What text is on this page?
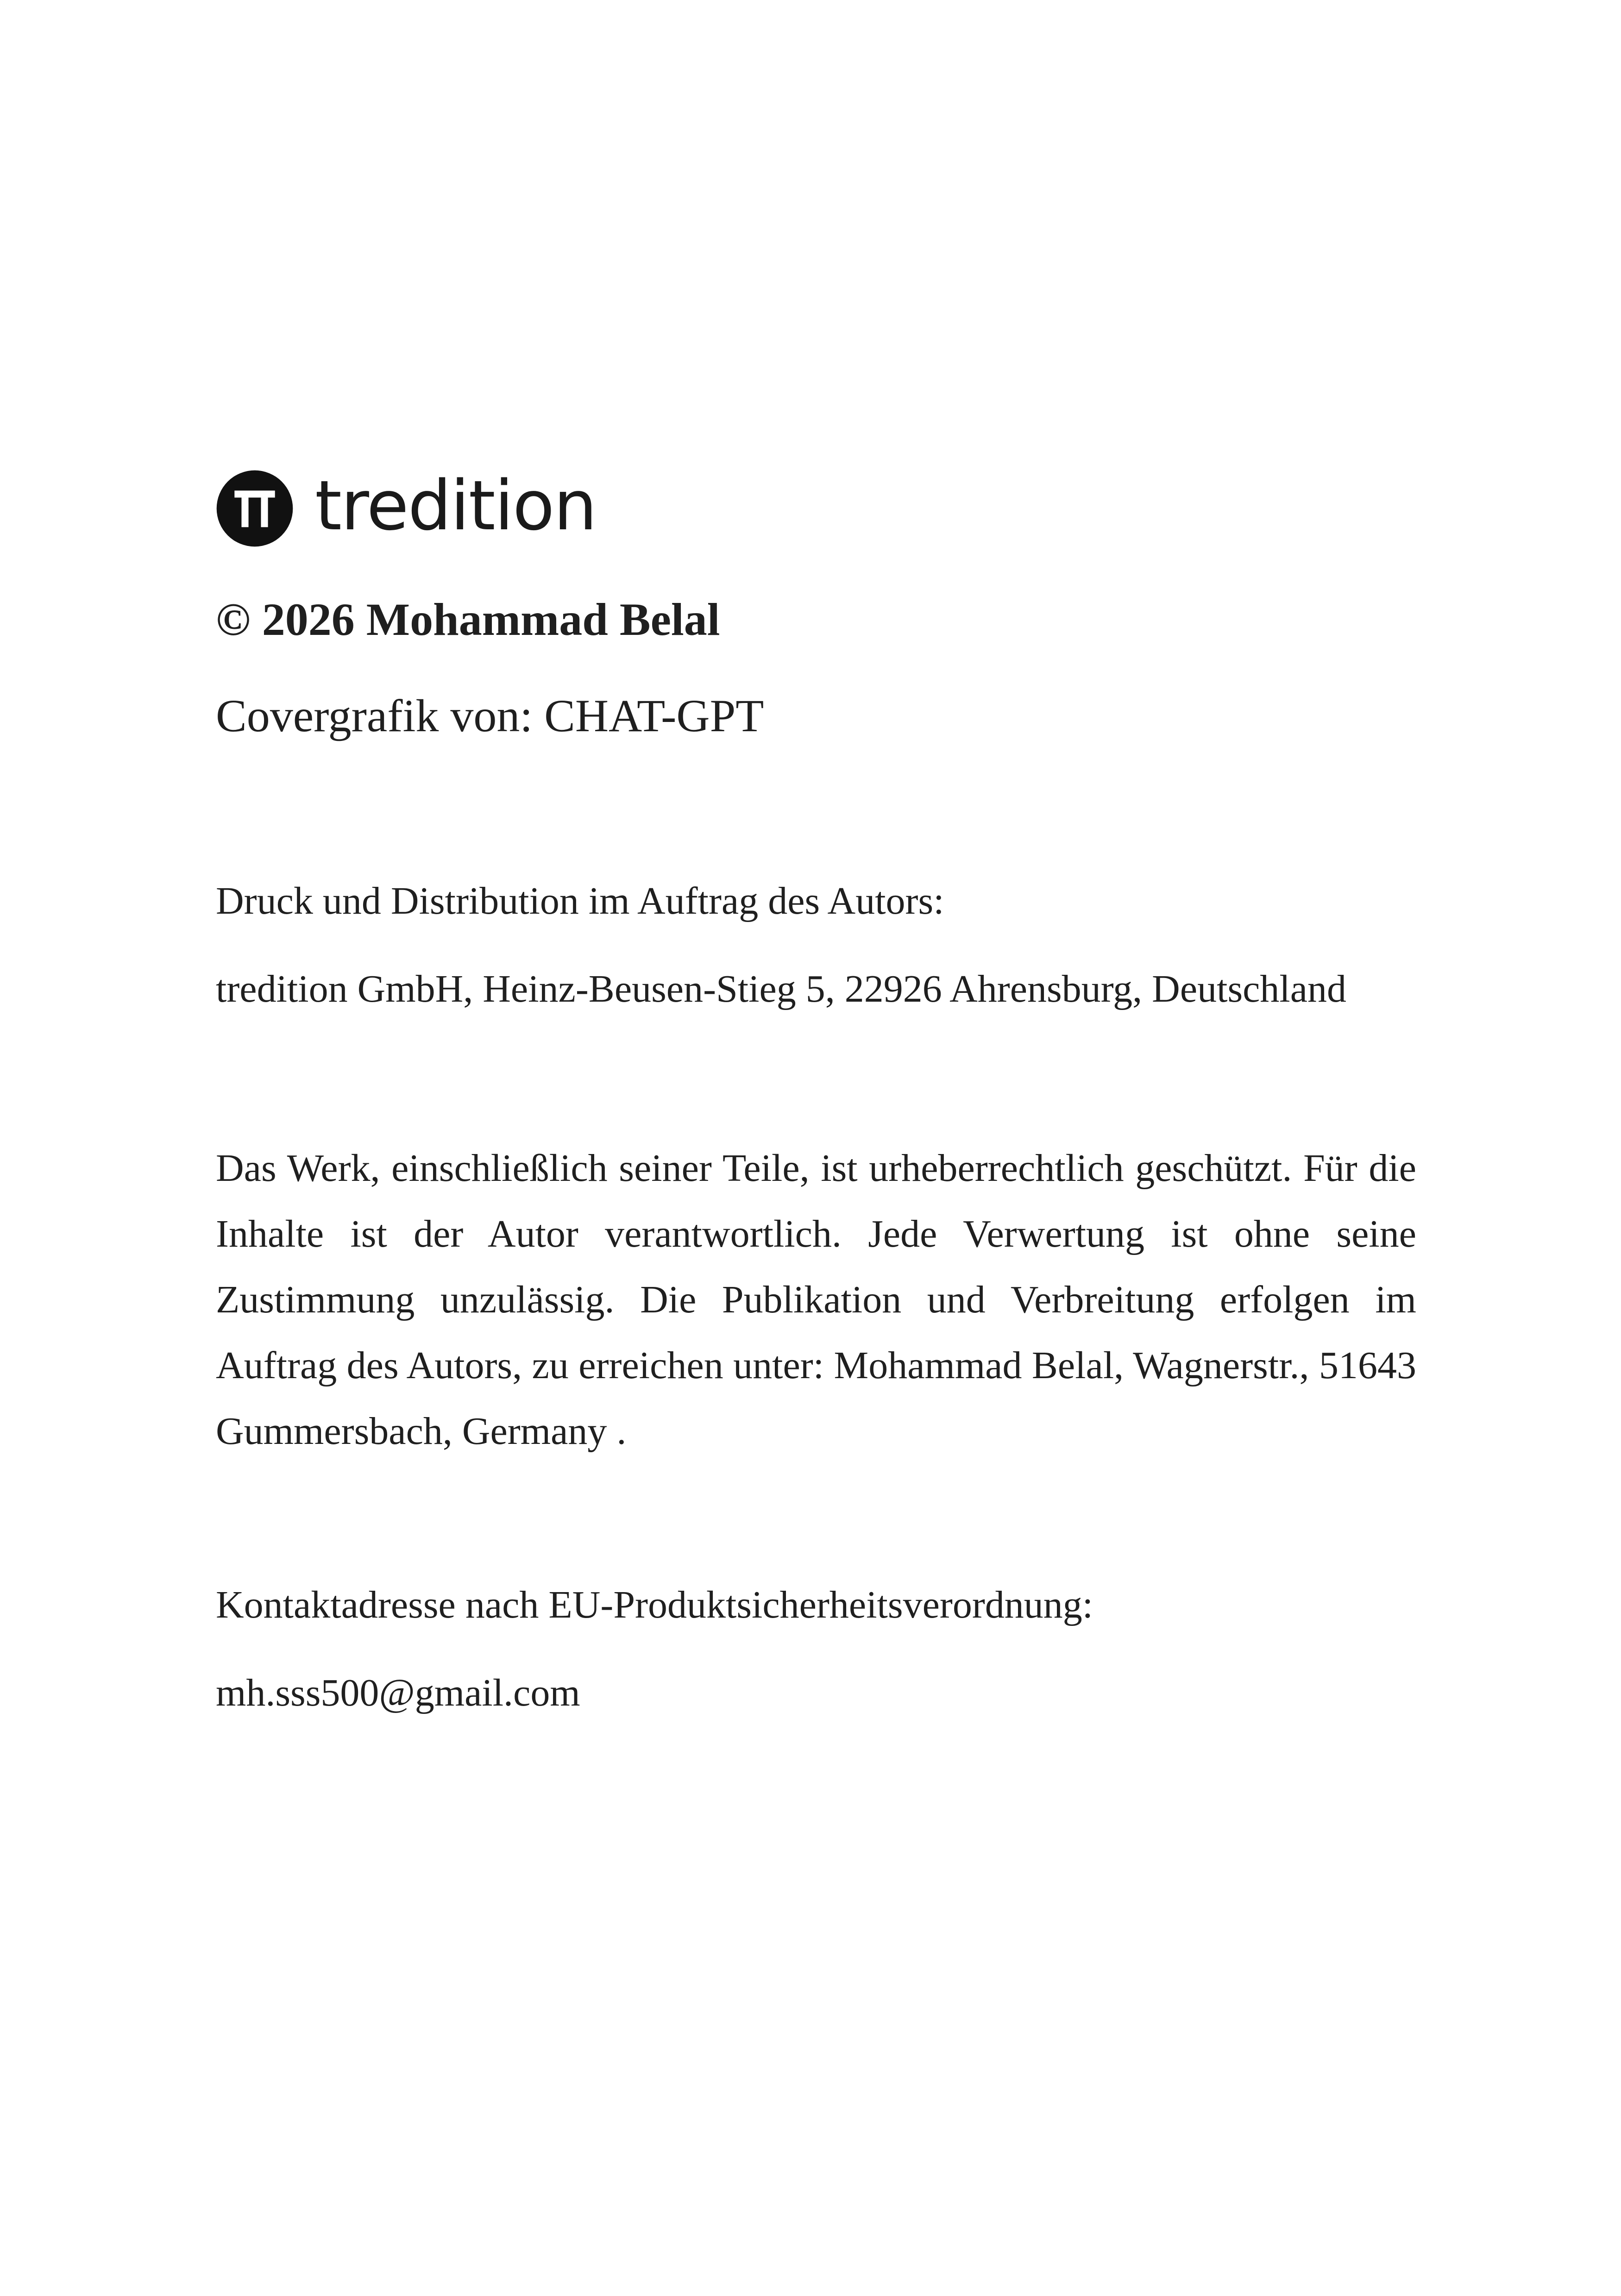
tredition
© 2026 Mohammad Belal
Covergrafik von: CHAT-GPT
Druck und Distribution im Auftrag des Autors:
tredition GmbH, Heinz-Beusen-Stieg 5, 22926 Ahrensburg, Deutschland

Das Werk, einschließlich seiner Teile, ist urheberrechtlich geschützt. Für die Inhalte ist der Autor verantwortlich. Jede Verwertung ist ohne seine Zustimmung unzulässig. Die Publikation und Verbreitung erfolgen im Auftrag des Autors, zu erreichen unter: Mohammad Belal, Wagnerstr., 51643 Gummersbach, Germany .

Kontaktadresse nach EU-Produktsicherheitsverordnung:
mh.sss500@gmail.com
